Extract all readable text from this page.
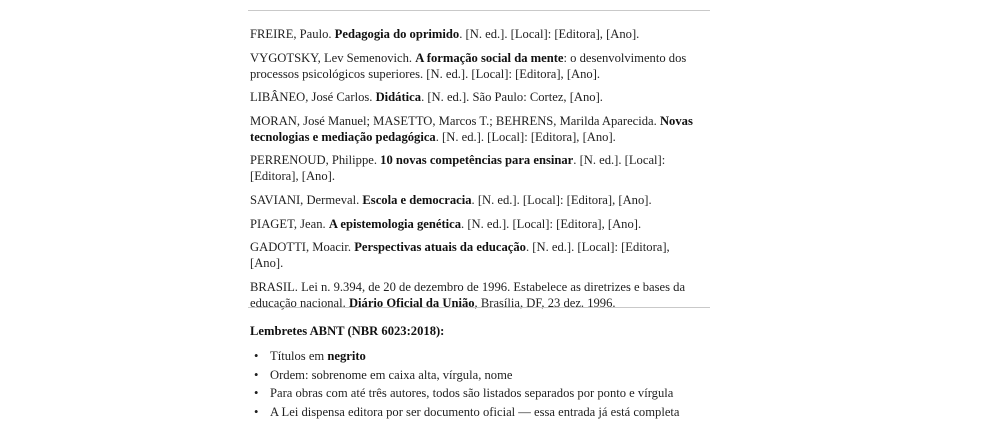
FREIRE, Paulo. Pedagogia do oprimido. [N. ed.]. [Local]: [Editora], [Ano].
VYGOTSKY, Lev Semenovich. A formação social da mente: o desenvolvimento dos processos psicológicos superiores. [N. ed.]. [Local]: [Editora], [Ano].
LIBÂNEO, José Carlos. Didática. [N. ed.]. São Paulo: Cortez, [Ano].
MORAN, José Manuel; MASETTO, Marcos T.; BEHRENS, Marilda Aparecida. Novas tecnologias e mediação pedagógica. [N. ed.]. [Local]: [Editora], [Ano].
PERRENOUD, Philippe. 10 novas competências para ensinar. [N. ed.]. [Local]: [Editora], [Ano].
SAVIANI, Dermeval. Escola e democracia. [N. ed.]. [Local]: [Editora], [Ano].
PIAGET, Jean. A epistemologia genética. [N. ed.]. [Local]: [Editora], [Ano].
GADOTTI, Moacir. Perspectivas atuais da educação. [N. ed.]. [Local]: [Editora], [Ano].
BRASIL. Lei n. 9.394, de 20 de dezembro de 1996. Estabelece as diretrizes e bases da educação nacional. Diário Oficial da União, Brasília, DF, 23 dez. 1996.

Lembretes ABNT (NBR 6023:2018):

• Títulos em negrito
• Ordem: sobrenome em caixa alta, vírgula, nome
• Para obras com até três autores, todos são listados separados por ponto e vírgula
• A Lei dispensa editora por ser documento oficial — essa entrada já está completa
